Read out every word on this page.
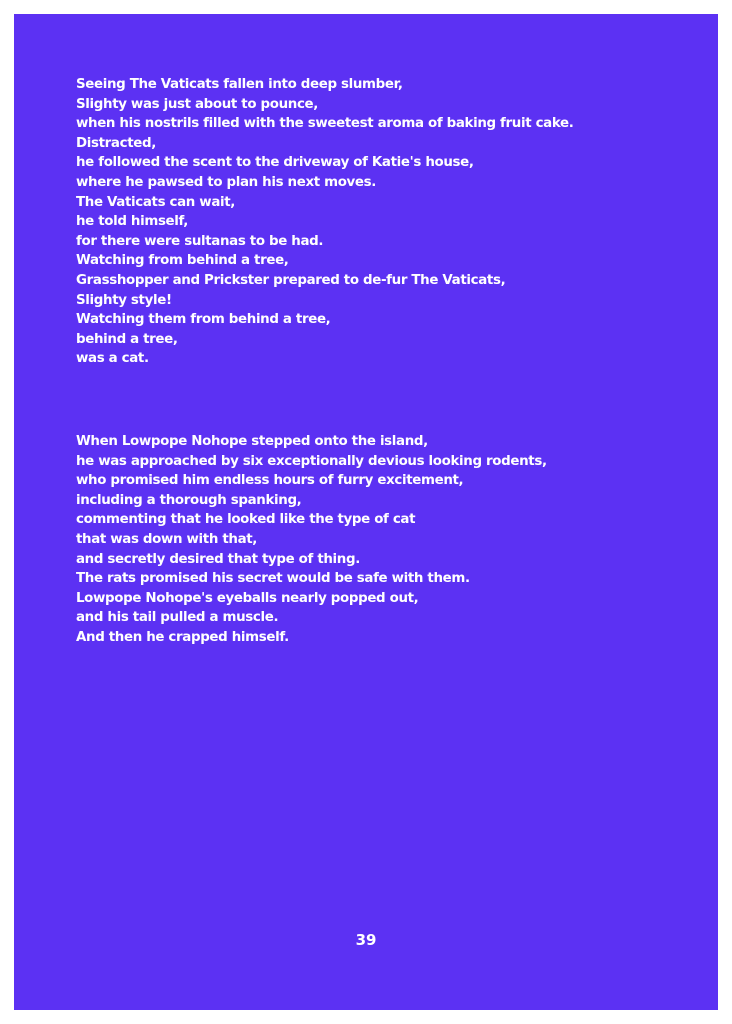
Seeing The Vaticats fallen into deep slumber,
Slighty was just about to pounce,
when his nostrils filled with the sweetest aroma of baking fruit cake.
Distracted,
he followed the scent to the driveway of Katie's house,
where he pawsed to plan his next moves.
The Vaticats can wait,
he told himself,
for there were sultanas to be had.
Watching from behind a tree,
Grasshopper and Prickster prepared to de-fur The Vaticats,
Slighty style!
Watching them from behind a tree,
behind a tree,
was a cat.
When Lowpope Nohope stepped onto the island,
he was approached by six exceptionally devious looking rodents,
who promised him endless hours of furry excitement,
including a thorough spanking,
commenting that he looked like the type of cat
that was down with that,
and secretly desired that type of thing.
The rats promised his secret would be safe with them.
Lowpope Nohope's eyeballs nearly popped out,
and his tail pulled a muscle.
And then he crapped himself.
39
